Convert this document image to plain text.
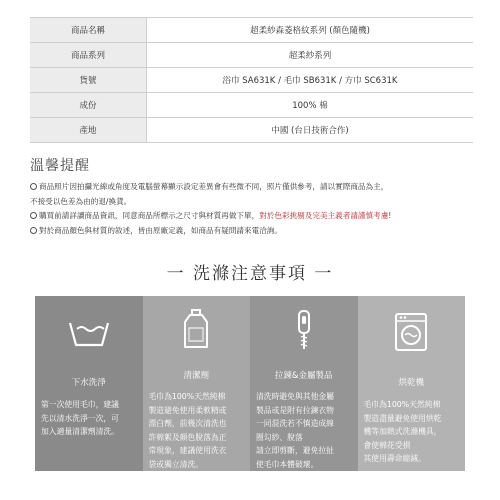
商品名稱	超柔紗森菱格紋系列 (顏色隨機)
商品系列	超柔紗系列
貨號	浴巾 SA631K / 毛巾 SB631K / 方巾 SC631K
成份	100% 棉
產地	中國 (台日技術合作)
溫馨提醒
商品照片因拍攝光線或角度及電腦螢幕顯示設定差異會有些微不同，照片僅供參考，請以實際商品為主，
不接受以色差為由的退/換貨。
購買前請詳讀商品資訊，同意商品所標示之尺寸與材質再做下單，對於色彩挑剔及完美主義者請謹慎考慮!
對於商品顏色與材質的敘述，皆由原廠定義，如商品有疑問請來電洽詢。
一 洗滌注意事項 一
下水洗淨
第一次使用毛巾，建議
先以清水洗淨一次，可
加入適量清潔劑清洗。
清潔劑
毛巾為100%天然純棉
製造避免使用柔軟精或
漂白劑，前幾次清洗也
許棉絮及顏色脫落為正
常現象，建議使用洗衣
袋或獨立清洗。
拉鍊&金屬製品
清洗時避免與其他金屬
製品或是附有拉鍊衣物
一同混洗若不慎造成線
圈勾紗、脫落
請立即剪斷，避免拉扯
使毛巾本體破壞。
烘乾機
毛巾為100%天然純棉
製造盡量避免使用烘乾
機等加熱式洗滌機具，
會使棉花受損
其使用壽命縮減。
